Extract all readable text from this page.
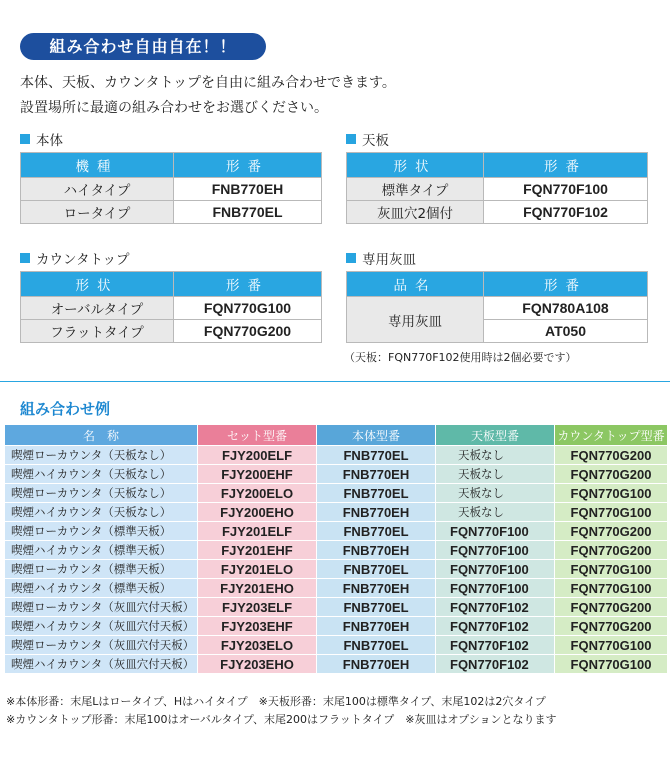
組み合わせ自由自在！！
本体、天板、カウンタトップを自由に組み合わせできます。
設置場所に最適の組み合わせをお選びください。
本体
機種	形番
ハイタイプ	FNB770EH
ロータイプ	FNB770EL
天板
形状	形番
標準タイプ	FQN770F100
灰皿穴2個付	FQN770F102
カウンタトップ
形状	形番
オーバルタイプ	FQN770G100
フラットタイプ	FQN770G200
専用灰皿
品名	形番
専用灰皿	FQN780A108
	AT050
（天板：FQN770F102使用時は2個必要です）
組み合わせ例
名　称	セット型番	本体型番	天板型番	カウンタトップ型番
喫煙ローカウンタ（天板なし）	FJY200ELF	FNB770EL	天板なし	FQN770G200
喫煙ハイカウンタ（天板なし）	FJY200EHF	FNB770EH	天板なし	FQN770G200
喫煙ローカウンタ（天板なし）	FJY200ELO	FNB770EL	天板なし	FQN770G100
喫煙ハイカウンタ（天板なし）	FJY200EHO	FNB770EH	天板なし	FQN770G100
喫煙ローカウンタ（標準天板）	FJY201ELF	FNB770EL	FQN770F100	FQN770G200
喫煙ハイカウンタ（標準天板）	FJY201EHF	FNB770EH	FQN770F100	FQN770G200
喫煙ローカウンタ（標準天板）	FJY201ELO	FNB770EL	FQN770F100	FQN770G100
喫煙ハイカウンタ（標準天板）	FJY201EHO	FNB770EH	FQN770F100	FQN770G100
喫煙ローカウンタ（灰皿穴付天板）	FJY203ELF	FNB770EL	FQN770F102	FQN770G200
喫煙ハイカウンタ（灰皿穴付天板）	FJY203EHF	FNB770EH	FQN770F102	FQN770G200
喫煙ローカウンタ（灰皿穴付天板）	FJY203ELO	FNB770EL	FQN770F102	FQN770G100
喫煙ハイカウンタ（灰皿穴付天板）	FJY203EHO	FNB770EH	FQN770F102	FQN770G100
※本体形番：末尾Lはロータイプ、Hはハイタイプ　※天板形番：末尾100は標準タイプ、末尾102は2穴タイプ
※カウンタトップ形番：末尾100はオーバルタイプ、末尾200はフラットタイプ　※灰皿はオプションとなります
